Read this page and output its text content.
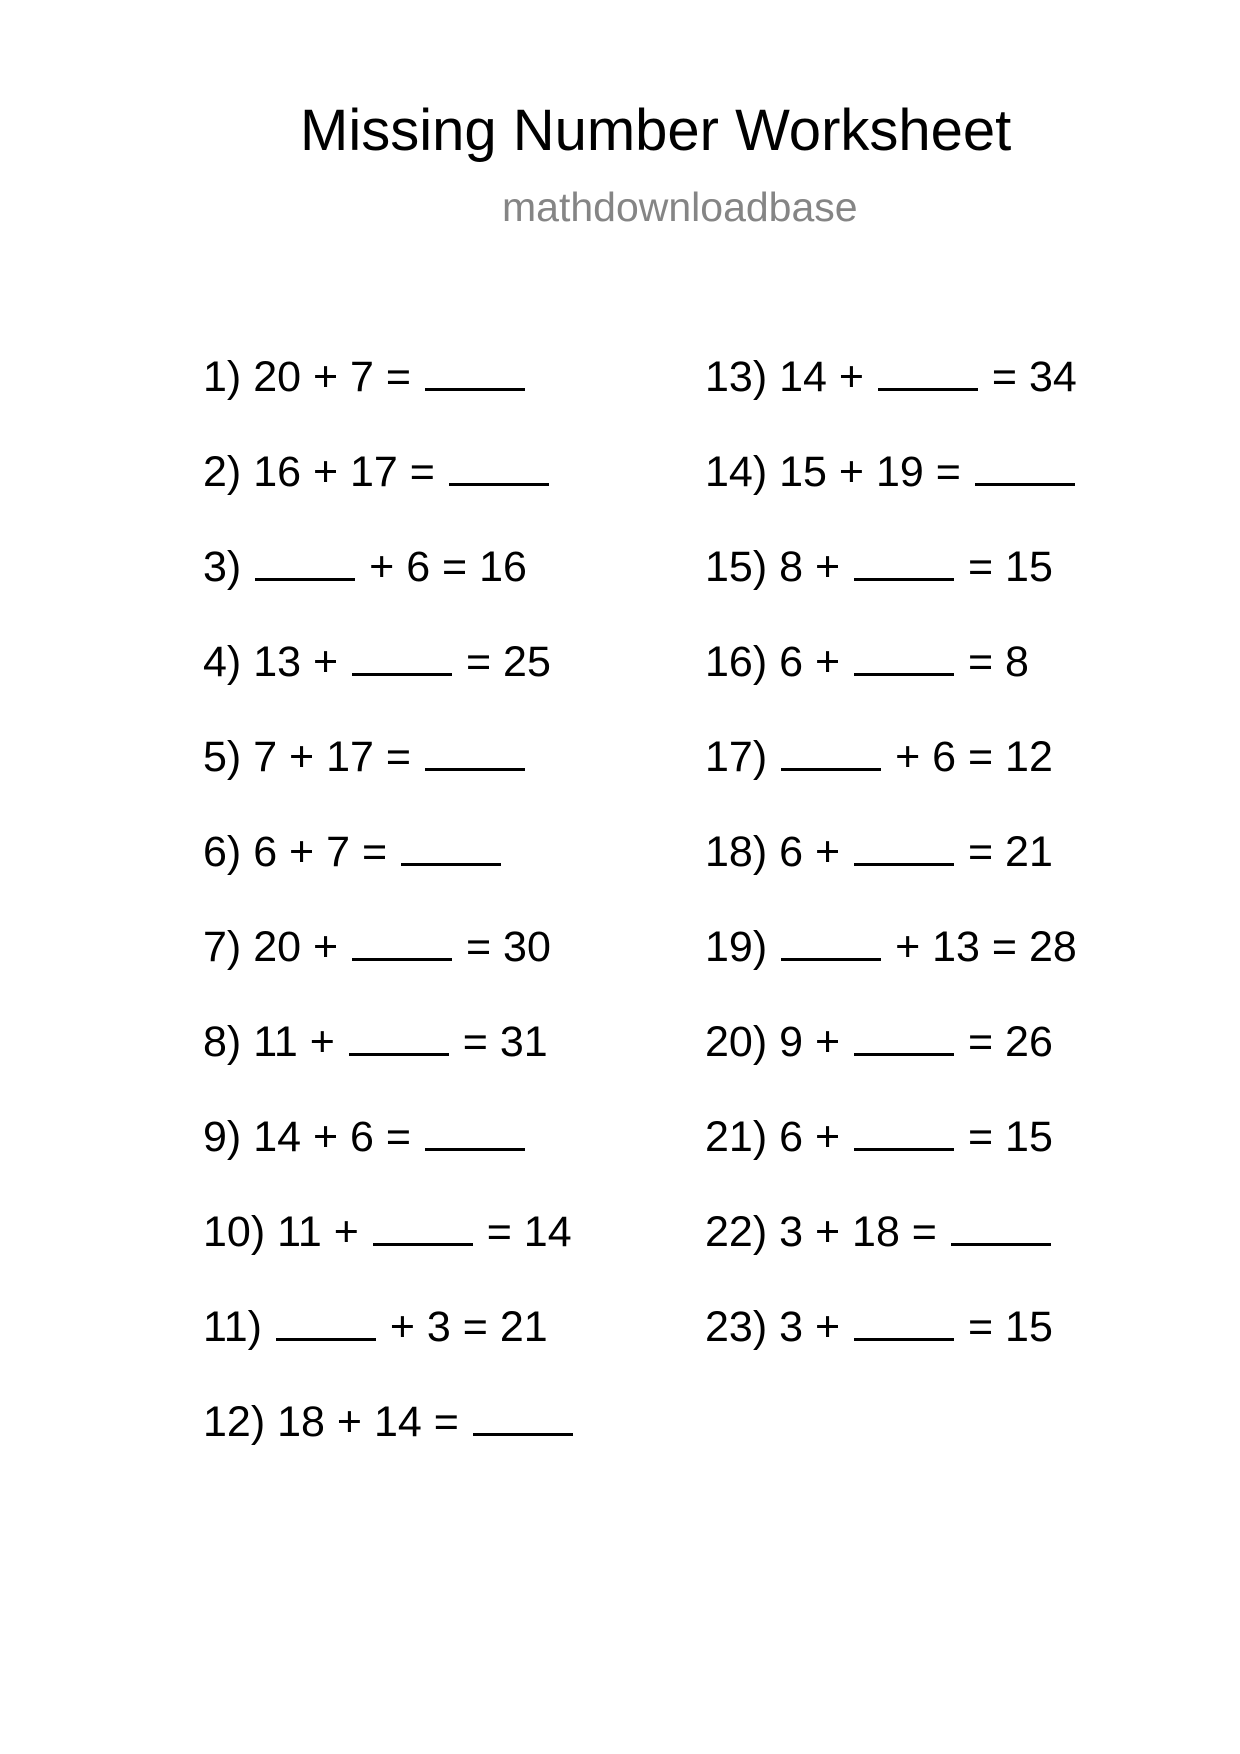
Missing Number Worksheet
mathdownloadbase
1) 20 + 7 =
2) 16 + 17 =
3)	+ 6 = 16
4) 13 +	= 25
5) 7 + 17 =
6) 6 + 7 =
7) 20 +	= 30
8) 11 +	= 31
9) 14 + 6 =
10) 11 +	= 14
11)	+ 3 = 21
12) 18 + 14 =
13) 14 +	= 34
14) 15 + 19 =
15) 8 +	= 15
16) 6 +	= 8
17)	+ 6 = 12
18) 6 +	= 21
19)	+ 13 = 28
20) 9 +	= 26
21) 6 +	= 15
22) 3 + 18 =
23) 3 +	= 15
